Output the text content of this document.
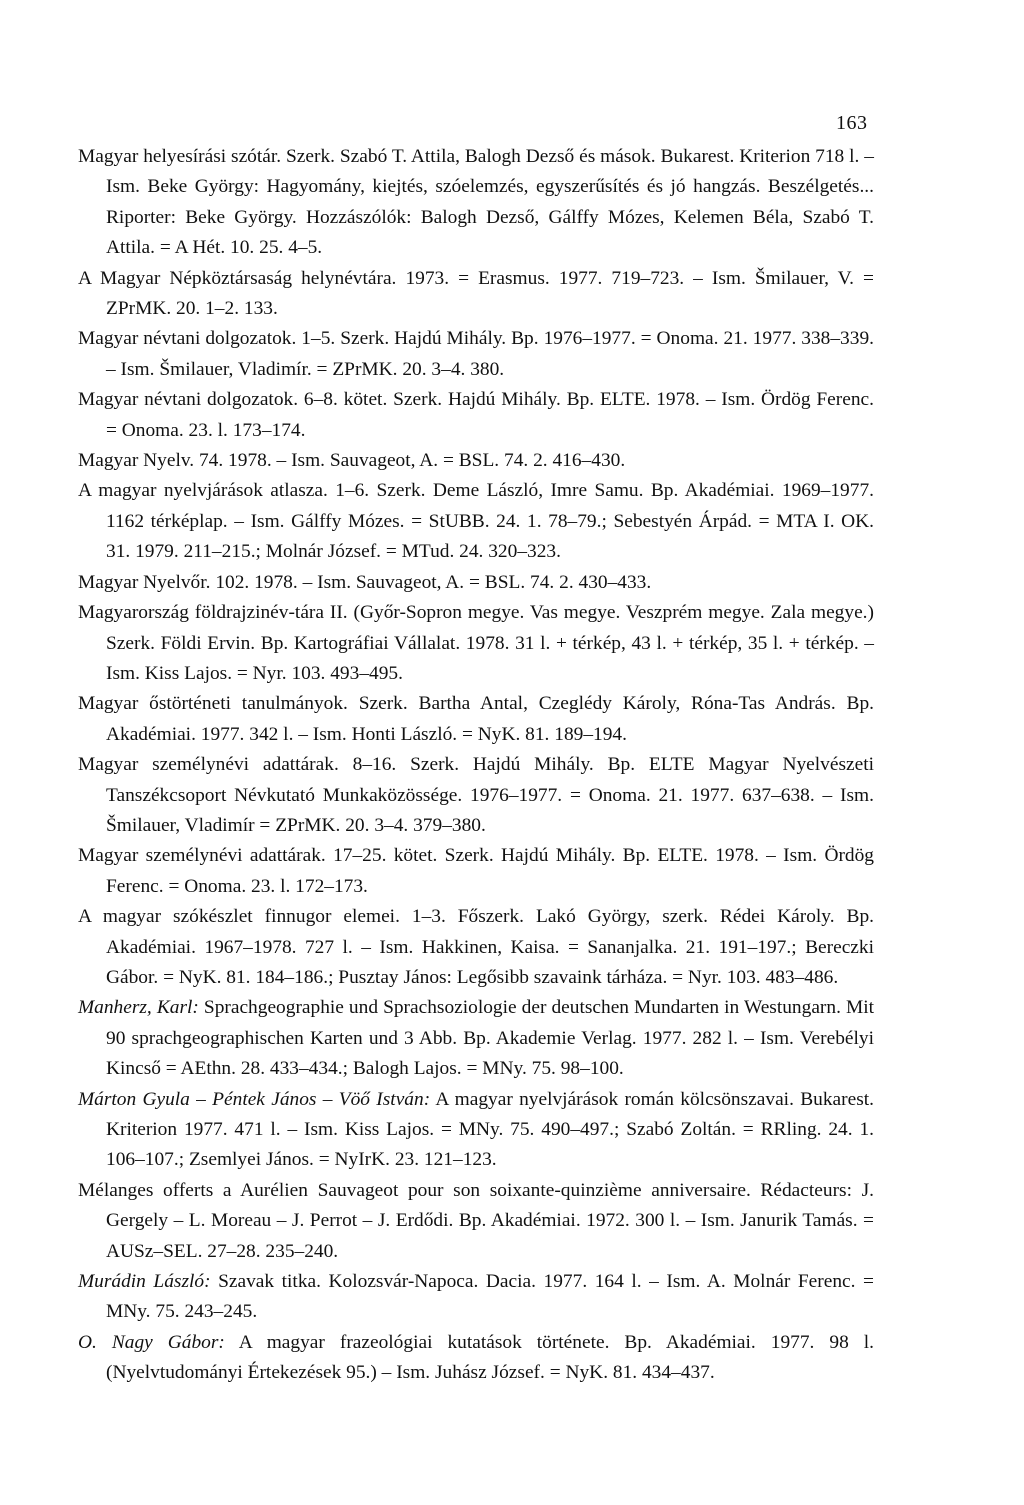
163

Magyar helyesírási szótár. Szerk. Szabó T. Attila, Balogh Dezső és mások. Bukarest. Kriterion 718 l. – Ism. Beke György: Hagyomány, kiejtés, szóelemzés, egyszerűsítés és jó hangzás. Beszélgetés... Riporter: Beke György. Hozzászólók: Balogh Dezső, Gálffy Mózes, Kelemen Béla, Szabó T. Attila. = A Hét. 10. 25. 4–5.

A Magyar Népköztársaság helynévtára. 1973. = Erasmus. 1977. 719–723. – Ism. Šmilauer, V. = ZPrMK. 20. 1–2. 133.

Magyar névtani dolgozatok. 1–5. Szerk. Hajdú Mihály. Bp. 1976–1977. = Onoma. 21. 1977. 338–339. – Ism. Šmilauer, Vladimír. = ZPrMK. 20. 3–4. 380.

Magyar névtani dolgozatok. 6–8. kötet. Szerk. Hajdú Mihály. Bp. ELTE. 1978. – Ism. Ördög Ferenc. = Onoma. 23. l. 173–174.

Magyar Nyelv. 74. 1978. – Ism. Sauvageot, A. = BSL. 74. 2. 416–430.

A magyar nyelvjárások atlasza. 1–6. Szerk. Deme László, Imre Samu. Bp. Akadémiai. 1969–1977. 1162 térképlap. – Ism. Gálffy Mózes. = StUBB. 24. 1. 78–79.; Sebestyén Árpád. = MTA I. OK. 31. 1979. 211–215.; Molnár József. = MTud. 24. 320–323.

Magyar Nyelvőr. 102. 1978. – Ism. Sauvageot, A. = BSL. 74. 2. 430–433.

Magyarország földrajzinév-tára II. (Győr-Sopron megye. Vas megye. Veszprém megye. Zala megye.) Szerk. Földi Ervin. Bp. Kartográfiai Vállalat. 1978. 31 l. + térkép, 43 l. + térkép, 35 l. + térkép. – Ism. Kiss Lajos. = Nyr. 103. 493–495.

Magyar őstörténeti tanulmányok. Szerk. Bartha Antal, Czeglédy Károly, Róna-Tas András. Bp. Akadémiai. 1977. 342 l. – Ism. Honti László. = NyK. 81. 189–194.

Magyar személynévi adattárak. 8–16. Szerk. Hajdú Mihály. Bp. ELTE Magyar Nyelvészeti Tanszékcsoport Névkutató Munkaközössége. 1976–1977. = Onoma. 21. 1977. 637–638. – Ism. Šmilauer, Vladimír = ZPrMK. 20. 3–4. 379–380.

Magyar személynévi adattárak. 17–25. kötet. Szerk. Hajdú Mihály. Bp. ELTE. 1978. – Ism. Ördög Ferenc. = Onoma. 23. l. 172–173.

A magyar szókészlet finnugor elemei. 1–3. Főszerk. Lakó György, szerk. Rédei Károly. Bp. Akadémiai. 1967–1978. 727 l. – Ism. Hakkinen, Kaisa. = Sananjalka. 21. 191–197.; Bereczki Gábor. = NyK. 81. 184–186.; Pusztay János: Legősibb szavaink tárháza. = Nyr. 103. 483–486.

Manherz, Karl: Sprachgeographie und Sprachsoziologie der deutschen Mundarten in Westungarn. Mit 90 sprachgeographischen Karten und 3 Abb. Bp. Akademie Verlag. 1977. 282 l. – Ism. Verebélyi Kincső = AEthn. 28. 433–434.; Balogh Lajos. = MNy. 75. 98–100.

Márton Gyula – Péntek János – Vöő István: A magyar nyelvjárások román kölcsönszavai. Bukarest. Kriterion 1977. 471 l. – Ism. Kiss Lajos. = MNy. 75. 490–497.; Szabó Zoltán. = RRling. 24. 1. 106–107.; Zsemlyei János. = NyIrK. 23. 121–123.

Mélanges offerts a Aurélien Sauvageot pour son soixante-quinzième anniversaire. Rédacteurs: J. Gergely – L. Moreau – J. Perrot – J. Erdődi. Bp. Akadémiai. 1972. 300 l. – Ism. Janurik Tamás. = AUSz–SEL. 27–28. 235–240.

Murádin László: Szavak titka. Kolozsvár-Napoca. Dacia. 1977. 164 l. – Ism. A. Molnár Ferenc. = MNy. 75. 243–245.

O. Nagy Gábor: A magyar frazeológiai kutatások története. Bp. Akadémiai. 1977. 98 l. (Nyelvtudományi Értekezések 95.) – Ism. Juhász József. = NyK. 81. 434–437.
